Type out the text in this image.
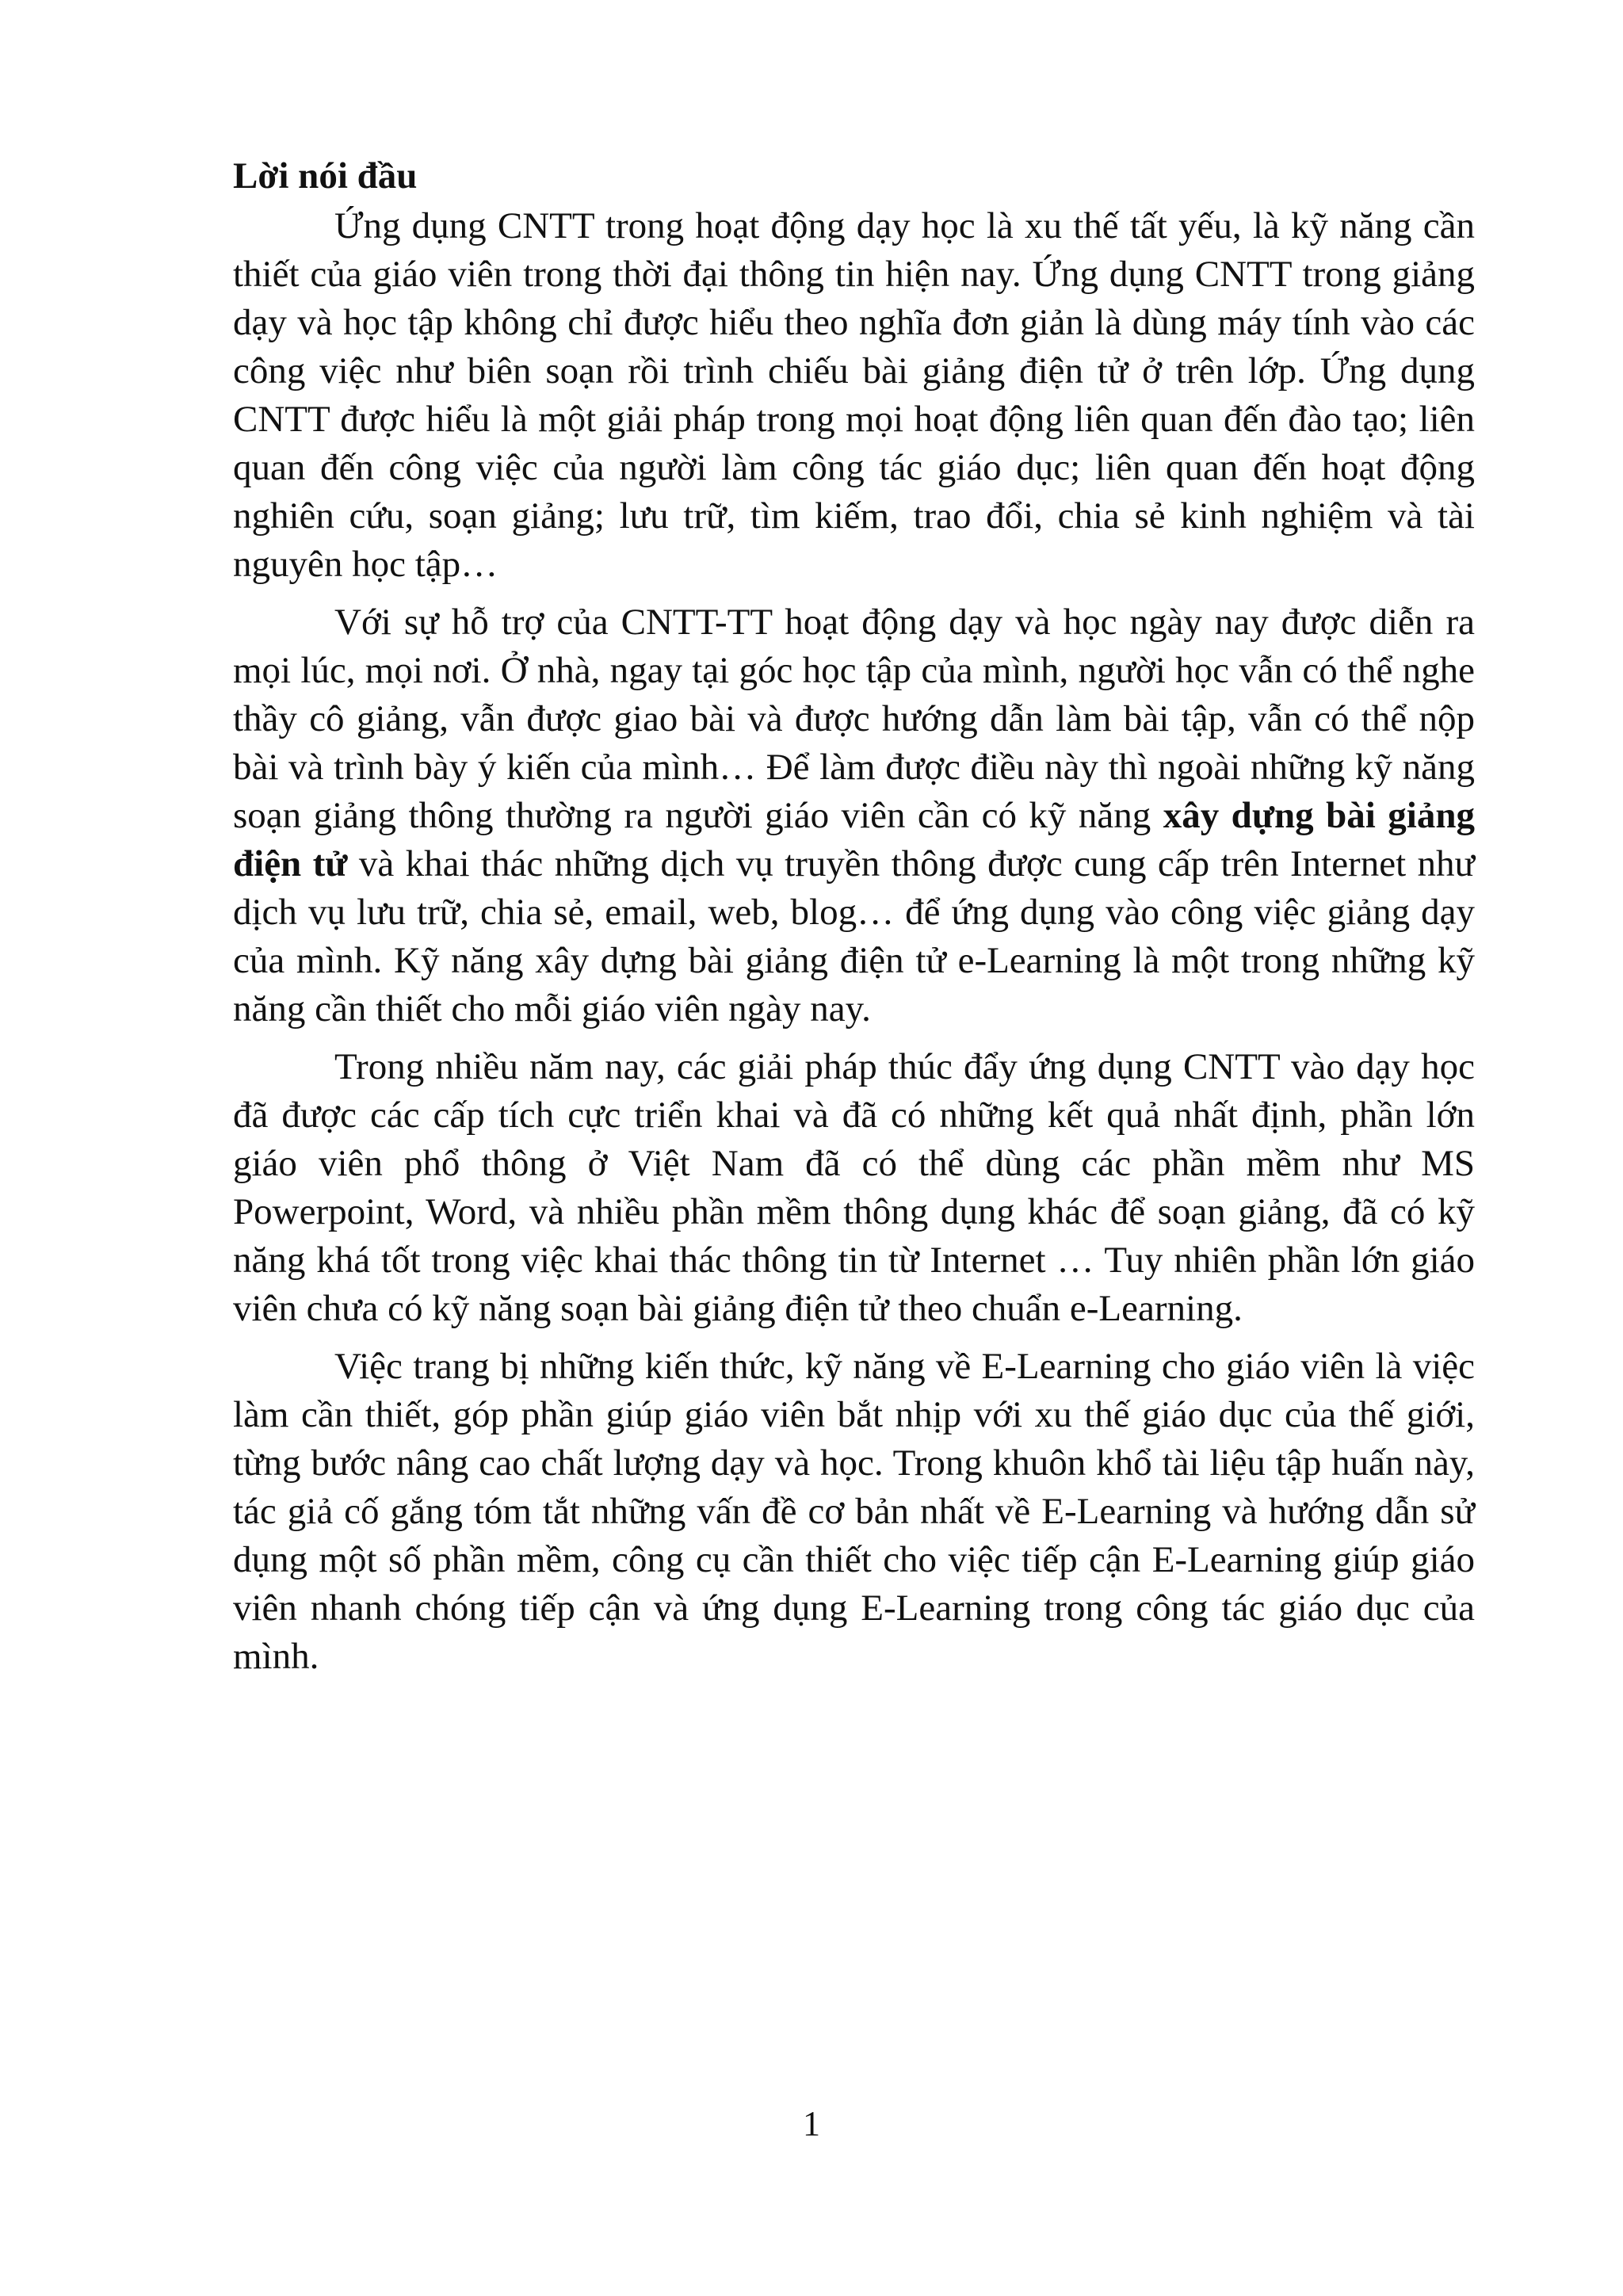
Lời nói đầu

Ứng dụng CNTT trong hoạt động dạy học là xu thế tất yếu, là kỹ năng cần thiết của giáo viên trong thời đại thông tin hiện nay. Ứng dụng CNTT trong giảng dạy và học tập không chỉ được hiểu theo nghĩa đơn giản là dùng máy tính vào các công việc như biên soạn rồi trình chiếu bài giảng điện tử ở trên lớp. Ứng dụng CNTT được hiểu là một giải pháp trong mọi hoạt động liên quan đến đào tạo; liên quan đến công việc của người làm công tác giáo dục; liên quan đến hoạt động nghiên cứu, soạn giảng; lưu trữ, tìm kiếm, trao đổi, chia sẻ kinh nghiệm và tài nguyên học tập…

Với sự hỗ trợ của CNTT-TT hoạt động dạy và học ngày nay được diễn ra mọi lúc, mọi nơi. Ở nhà, ngay tại góc học tập của mình, người học vẫn có thể nghe thầy cô giảng, vẫn được giao bài và được hướng dẫn làm bài tập, vẫn có thể nộp bài và trình bày ý kiến của mình… Để làm được điều này thì ngoài những kỹ năng soạn giảng thông thường ra người giáo viên cần có kỹ năng xây dựng bài giảng điện tử và khai thác những dịch vụ truyền thông được cung cấp trên Internet như dịch vụ lưu trữ, chia sẻ, email, web, blog… để ứng dụng vào công việc giảng dạy của mình. Kỹ năng xây dựng bài giảng điện tử e-Learning là một trong những kỹ năng cần thiết cho mỗi giáo viên ngày nay.

Trong nhiều năm nay, các giải pháp thúc đẩy ứng dụng CNTT vào dạy học đã được các cấp tích cực triển khai và đã có những kết quả nhất định, phần lớn giáo viên phổ thông ở Việt Nam đã có thể dùng các phần mềm như MS Powerpoint, Word, và nhiều phần mềm thông dụng khác để soạn giảng, đã có kỹ năng khá tốt trong việc khai thác thông tin từ Internet … Tuy nhiên phần lớn giáo viên chưa có kỹ năng soạn bài giảng điện tử theo chuẩn e-Learning.

Việc trang bị những kiến thức, kỹ năng về E-Learning cho giáo viên là việc làm cần thiết, góp phần giúp giáo viên bắt nhịp với xu thế giáo dục của thế giới, từng bước nâng cao chất lượng dạy và học. Trong khuôn khổ tài liệu tập huấn này, tác giả cố gắng tóm tắt những vấn đề cơ bản nhất về E-Learning và hướng dẫn sử dụng một số phần mềm, công cụ cần thiết cho việc tiếp cận E-Learning giúp giáo viên nhanh chóng tiếp cận và ứng dụng E-Learning trong công tác giáo dục của mình.

1
